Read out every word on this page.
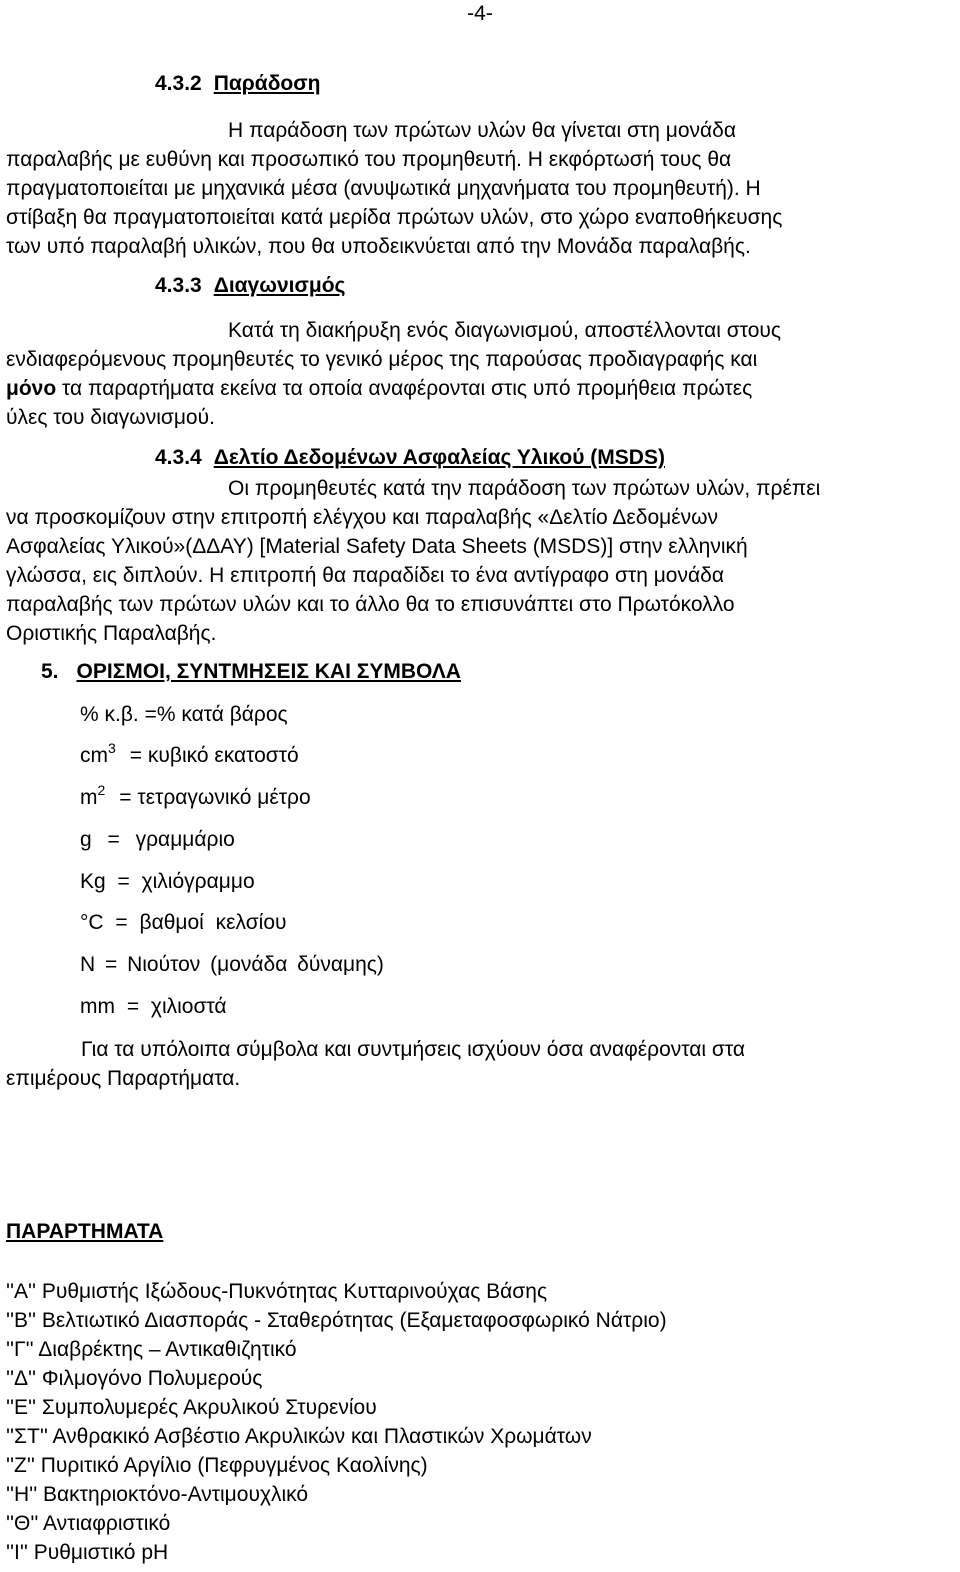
-4-
4.3.2 Παράδοση
Η παράδοση των πρώτων υλών θα γίνεται στη μονάδα
παραλαβής με ευθύνη και προσωπικό του προμηθευτή. Η εκφόρτωσή τους θα
πραγματοποιείται με μηχανικά μέσα (ανυψωτικά μηχανήματα του προμηθευτή). Η
στίβαξη θα πραγματοποιείται κατά μερίδα πρώτων υλών, στο χώρο εναποθήκευσης
των υπό παραλαβή υλικών, που θα υποδεικνύεται από την Μονάδα παραλαβής.
4.3.3 Διαγωνισμός
Κατά τη διακήρυξη ενός διαγωνισμού, αποστέλλονται στους
ενδιαφερόμενους προμηθευτές το γενικό μέρος της παρούσας προδιαγραφής και
μόνο τα παραρτήματα εκείνα τα οποία αναφέρονται στις υπό προμήθεια πρώτες
ύλες του διαγωνισμού.
4.3.4 Δελτίο Δεδομένων Ασφαλείας Υλικού (MSDS)
Οι προμηθευτές κατά την παράδοση των πρώτων υλών, πρέπει
να προσκομίζουν στην επιτροπή ελέγχου και παραλαβής «Δελτίο Δεδομένων
Ασφαλείας Υλικού»(ΔΔΑΥ) [Material Safety Data Sheets (MSDS)] στην ελληνική
γλώσσα, εις διπλούν. Η επιτροπή θα παραδίδει το ένα αντίγραφο στη μονάδα
παραλαβής των πρώτων υλών και το άλλο θα το επισυνάπτει στο Πρωτόκολλο
Οριστικής Παραλαβής.
5. ΟΡΙΣΜΟΙ, ΣΥΝΤΜΗΣΕΙΣ ΚΑΙ ΣΥΜΒΟΛΑ
% κ.β. =% κατά βάρος
$cm^3 = \kappa\upsilon\beta\iota\kappa ό$ εκατοστό
$m^2 = \tau\varepsilon\tau\rho\alpha\gamma\omega\nu\iota\kappa ό$ μέτρο
g = γραμμάριο
Kg = χιλιόγραμμο
°C = βαθμοί κελσίου
N = Νιούτον (μονάδα δύναμης)
mm = χιλιοστά
Για τα υπόλοιπα σύμβολα και συντμήσεις ισχύουν όσα αναφέρονται στα
επιμέρους Παραρτήματα.
ΠΑΡΑΡΤΗΜΑΤΑ
''A'' Ρυθμιστής Ιξώδους-Πυκνότητας Κυτταρινούχας Βάσης
''B'' Βελτιωτικό Διασποράς - Σταθερότητας (Εξαμεταφοσφωρικό Νάτριο)
''Γ'' Διαβρέκτης – Αντικαθιζητικό
''Δ'' Φιλμογόνο Πολυμερούς
''Ε'' Συμπολυμερές Ακρυλικού Στυρενίου
''ΣΤ'' Ανθρακικό Ασβέστιο Ακρυλικών και Πλαστικών Χρωμάτων
''Ζ'' Πυριτικό Αργίλιο (Πεφρυγμένος Καολίνης)
''Η'' Βακτηριοκτόνο-Αντιμουχλικό
''Θ'' Αντιαφριστικό
''Ι'' Ρυθμιστικό pH
